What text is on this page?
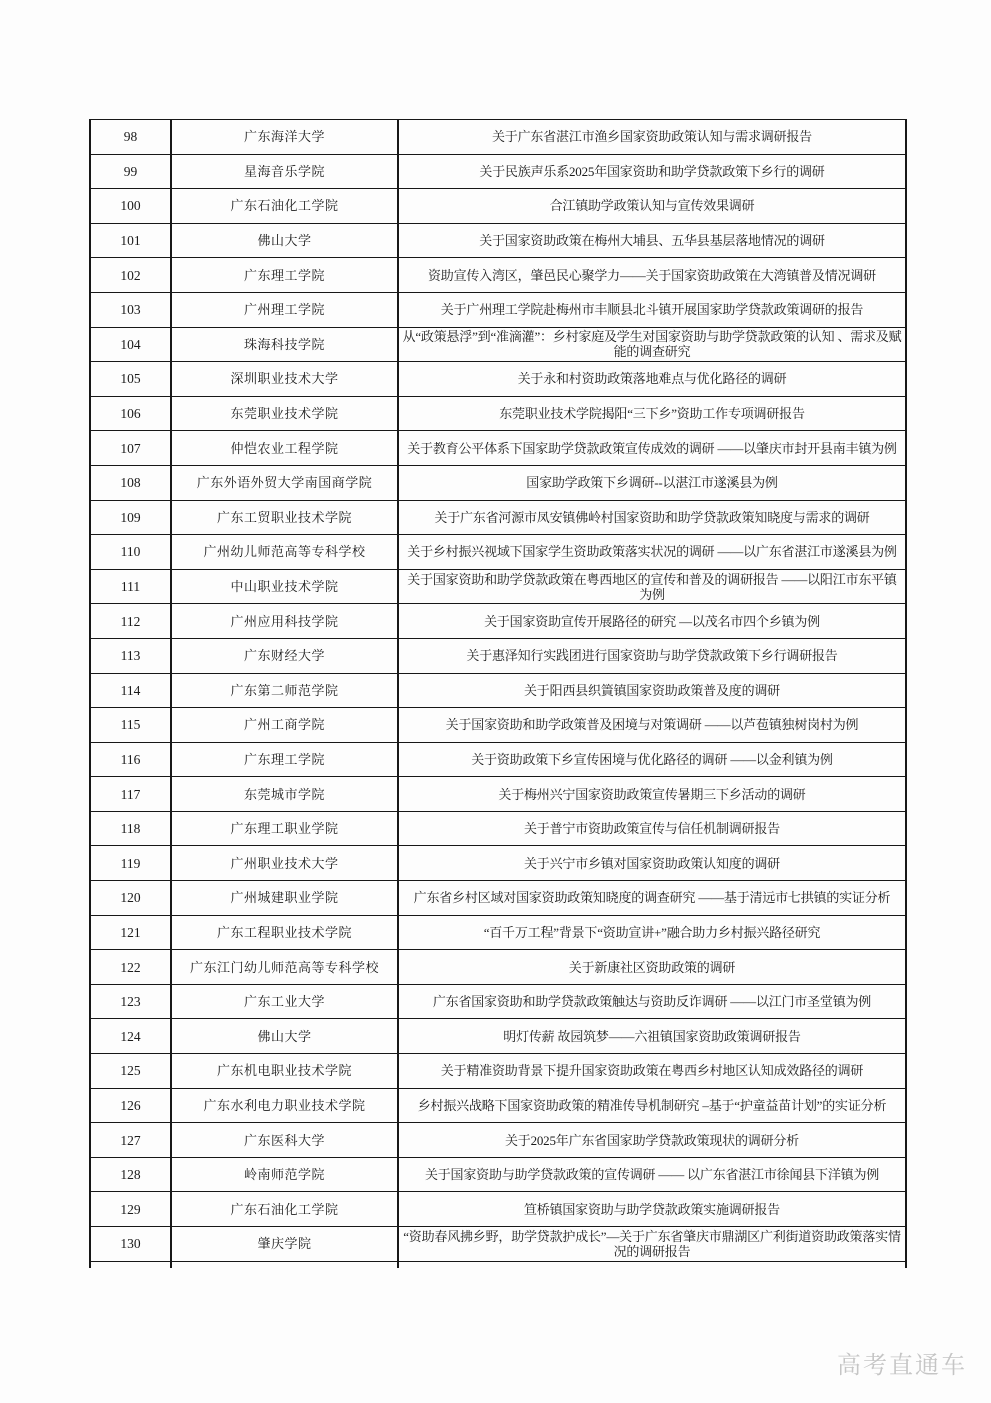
98	广东海洋大学	关于广东省湛江市渔乡国家资助政策认知与需求调研报告
99	星海音乐学院	关于民族声乐系2025年国家资助和助学贷款政策下乡行的调研
100	广东石油化工学院	合江镇助学政策认知与宣传效果调研
101	佛山大学	关于国家资助政策在梅州大埔县、五华县基层落地情况的调研
102	广东理工学院	资助宣传入湾区，肇邑民心聚学力——关于国家资助政策在大湾镇普及情况调研
103	广州理工学院	关于广州理工学院赴梅州市丰顺县北斗镇开展国家助学贷款政策调研的报告
104	珠海科技学院	从“政策悬浮”到“准滴灌”：乡村家庭及学生对国家资助与助学贷款政策的认知 、需求及赋能的调查研究
105	深圳职业技术大学	关于永和村资助政策落地难点与优化路径的调研
106	东莞职业技术学院	东莞职业技术学院揭阳“三下乡”资助工作专项调研报告
107	仲恺农业工程学院	关于教育公平体系下国家助学贷款政策宣传成效的调研 ——以肇庆市封开县南丰镇为例
108	广东外语外贸大学南国商学院	国家助学政策下乡调研--以湛江市遂溪县为例
109	广东工贸职业技术学院	关于广东省河源市凤安镇佛岭村国家资助和助学贷款政策知晓度与需求的调研
110	广州幼儿师范高等专科学校	关于乡村振兴视域下国家学生资助政策落实状况的调研 ——以广东省湛江市遂溪县为例
111	中山职业技术学院	关于国家资助和助学贷款政策在粤西地区的宣传和普及的调研报告 ——以阳江市东平镇为例
112	广州应用科技学院	关于国家资助宣传开展路径的研究 —以茂名市四个乡镇为例
113	广东财经大学	关于惠泽知行实践团进行国家资助与助学贷款政策下乡行调研报告
114	广东第二师范学院	关于阳西县织篢镇国家资助政策普及度的调研
115	广州工商学院	关于国家资助和助学政策普及困境与对策调研 ——以芦苞镇独树岗村为例
116	广东理工学院	关于资助政策下乡宣传困境与优化路径的调研 ——以金利镇为例
117	东莞城市学院	关于梅州兴宁国家资助政策宣传暑期三下乡活动的调研
118	广东理工职业学院	关于普宁市资助政策宣传与信任机制调研报告
119	广州职业技术大学	关于兴宁市乡镇对国家资助政策认知度的调研
120	广州城建职业学院	广东省乡村区域对国家资助政策知晓度的调查研究 ——基于清远市七拱镇的实证分析
121	广东工程职业技术学院	“百千万工程”背景下“资助宣讲+”融合助力乡村振兴路径研究
122	广东江门幼儿师范高等专科学校	关于新康社区资助政策的调研
123	广东工业大学	广东省国家资助和助学贷款政策触达与资助反诈调研 ——以江门市圣堂镇为例
124	佛山大学	明灯传薪 故园筑梦——六祖镇国家资助政策调研报告
125	广东机电职业技术学院	关于精准资助背景下提升国家资助政策在粤西乡村地区认知成效路径的调研
126	广东水利电力职业技术学院	乡村振兴战略下国家资助政策的精准传导机制研究 –基于“护童益苗计划”的实证分析
127	广东医科大学	关于2025年广东省国家助学贷款政策现状的调研分析
128	岭南师范学院	关于国家资助与助学贷款政策的宣传调研 —— 以广东省湛江市徐闻县下洋镇为例
129	广东石油化工学院	笪桥镇国家资助与助学贷款政策实施调研报告
130	肇庆学院	“资助春风拂乡野，助学贷款护成长”—关于广东省肇庆市鼎湖区广利街道资助政策落实情况的调研报告

高考直通车
